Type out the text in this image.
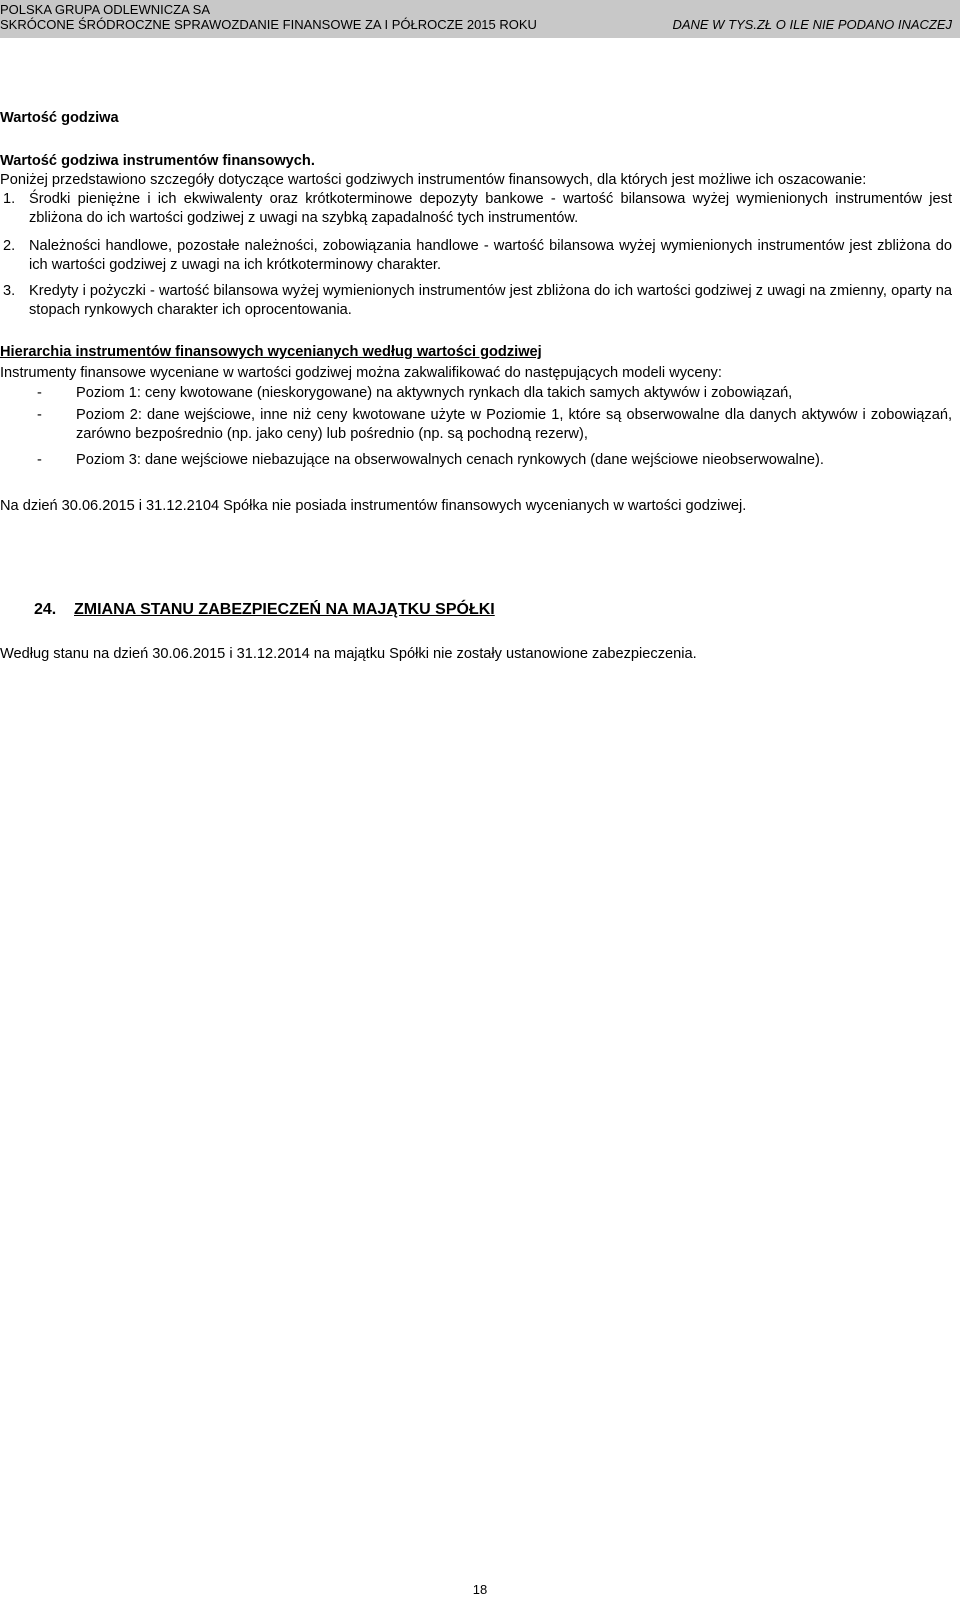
POLSKA GRUPA ODLEWNICZA SA
SKRÓCONE ŚRÓDROCZNE SPRAWOZDANIE FINANSOWE ZA I PÓŁROCZE 2015 ROKU	DANE W TYS.ZŁ O ILE NIE PODANO INACZEJ
Wartość godziwa
Wartość godziwa instrumentów finansowych.
Poniżej przedstawiono szczegóły dotyczące wartości godziwych instrumentów finansowych, dla których jest możliwe ich oszacowanie:
1. Środki pieniężne i ich ekwiwalenty oraz krótkoterminowe depozyty bankowe - wartość bilansowa wyżej wymienionych instrumentów jest zbliżona do ich wartości godziwej z uwagi na szybką zapadalność tych instrumentów.
2. Należności handlowe, pozostałe należności, zobowiązania handlowe - wartość bilansowa wyżej wymienionych instrumentów jest zbliżona do ich wartości godziwej z uwagi na ich krótkoterminowy charakter.
3. Kredyty i pożyczki - wartość bilansowa wyżej wymienionych instrumentów jest zbliżona do ich wartości godziwej z uwagi na zmienny, oparty na stopach rynkowych charakter ich oprocentowania.
Hierarchia instrumentów finansowych wycenianych według wartości godziwej
Instrumenty finansowe wyceniane w wartości godziwej można zakwalifikować do następujących modeli wyceny:
- Poziom 1: ceny kwotowane (nieskorygowane) na aktywnych rynkach dla takich samych aktywów i zobowiązań,
- Poziom 2: dane wejściowe, inne niż ceny kwotowane użyte w Poziomie 1, które są obserwowalne dla danych aktywów i zobowiązań, zarówno bezpośrednio (np. jako ceny) lub pośrednio (np. są pochodną rezerw),
- Poziom 3: dane wejściowe niebazujące na obserwowalnych cenach rynkowych (dane wejściowe nieobserwowalne).
Na dzień 30.06.2015 i 31.12.2104 Spółka nie posiada instrumentów finansowych wycenianych w wartości godziwej.
24. ZMIANA STANU ZABEZPIECZEŃ NA MAJĄTKU SPÓŁKI
Według stanu na dzień 30.06.2015 i 31.12.2014 na majątku Spółki nie zostały ustanowione zabezpieczenia.
18
